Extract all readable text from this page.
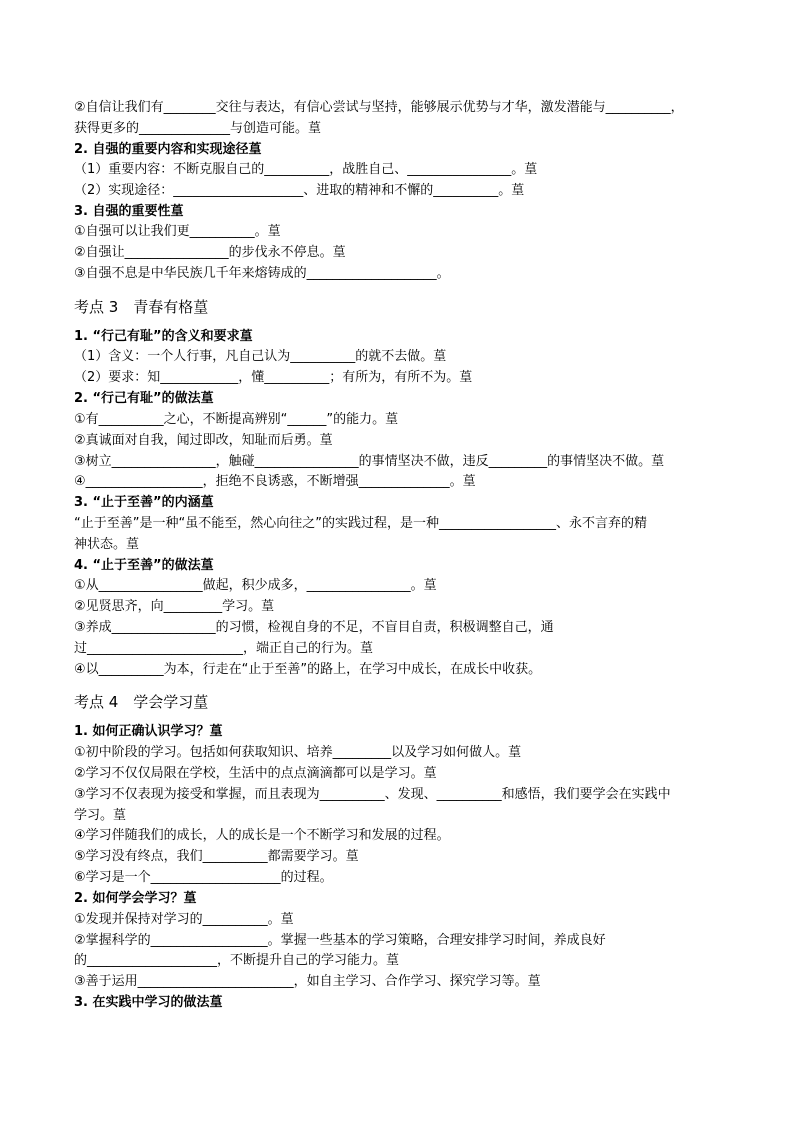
②自信让我们有________交往与表达，有信心尝试与坚持，能够展示优势与才华，激发潜能与__________，
获得更多的______________与创造可能。葟
2. 自强的重要内容和实现途径葟
（1）重要内容：不断克服自己的__________，战胜自己、________________。葟
（2）实现途径：____________________、进取的精神和不懈的__________。葟
3. 自强的重要性葟
①自强可以让我们更__________。葟
②自强让________________的步伐永不停息。葟
③自强不息是中华民族几千年来熔铸成的____________________。
考点 3　青春有格葟
1. “行己有耻”的含义和要求葟
（1）含义：一个人行事，凡自己认为__________的就不去做。葟
（2）要求：知____________，懂__________；有所为，有所不为。葟
2. “行己有耻”的做法葟
①有__________之心，不断提高辨别“______”的能力。葟
②真诚面对自我，闻过即改，知耻而后勇。葟
③树立________________，触碰________________的事情坚决不做，违反_________的事情坚决不做。葟
④__________________，拒绝不良诱惑，不断增强______________。葟
3. “止于至善”的内涵葟
“止于至善”是一种“虽不能至，然心向往之”的实践过程，是一种__________________、永不言弃的精
神状态。葟
4. “止于至善”的做法葟
①从________________做起，积少成多，________________。葟
②见贤思齐，向_________学习。葟
③养成________________的习惯，检视自身的不足，不盲目自责，积极调整自己，通
过________________________，端正自己的行为。葟
④以__________为本，行走在“止于至善”的路上，在学习中成长，在成长中收获。
考点 4　学会学习葟
1. 如何正确认识学习？葟
①初中阶段的学习。包括如何获取知识、培养_________以及学习如何做人。葟
②学习不仅仅局限在学校，生活中的点点滴滴都可以是学习。葟
③学习不仅表现为接受和掌握，而且表现为__________、发现、__________和感悟，我们要学会在实践中
学习。葟
④学习伴随我们的成长，人的成长是一个不断学习和发展的过程。
⑤学习没有终点，我们__________都需要学习。葟
⑥学习是一个____________________的过程。
2. 如何学会学习？葟
①发现并保持对学习的__________。葟
②掌握科学的__________________。掌握一些基本的学习策略，合理安排学习时间，养成良好
的____________________，不断提升自己的学习能力。葟
③善于运用________________________，如自主学习、合作学习、探究学习等。葟
3. 在实践中学习的做法葟
